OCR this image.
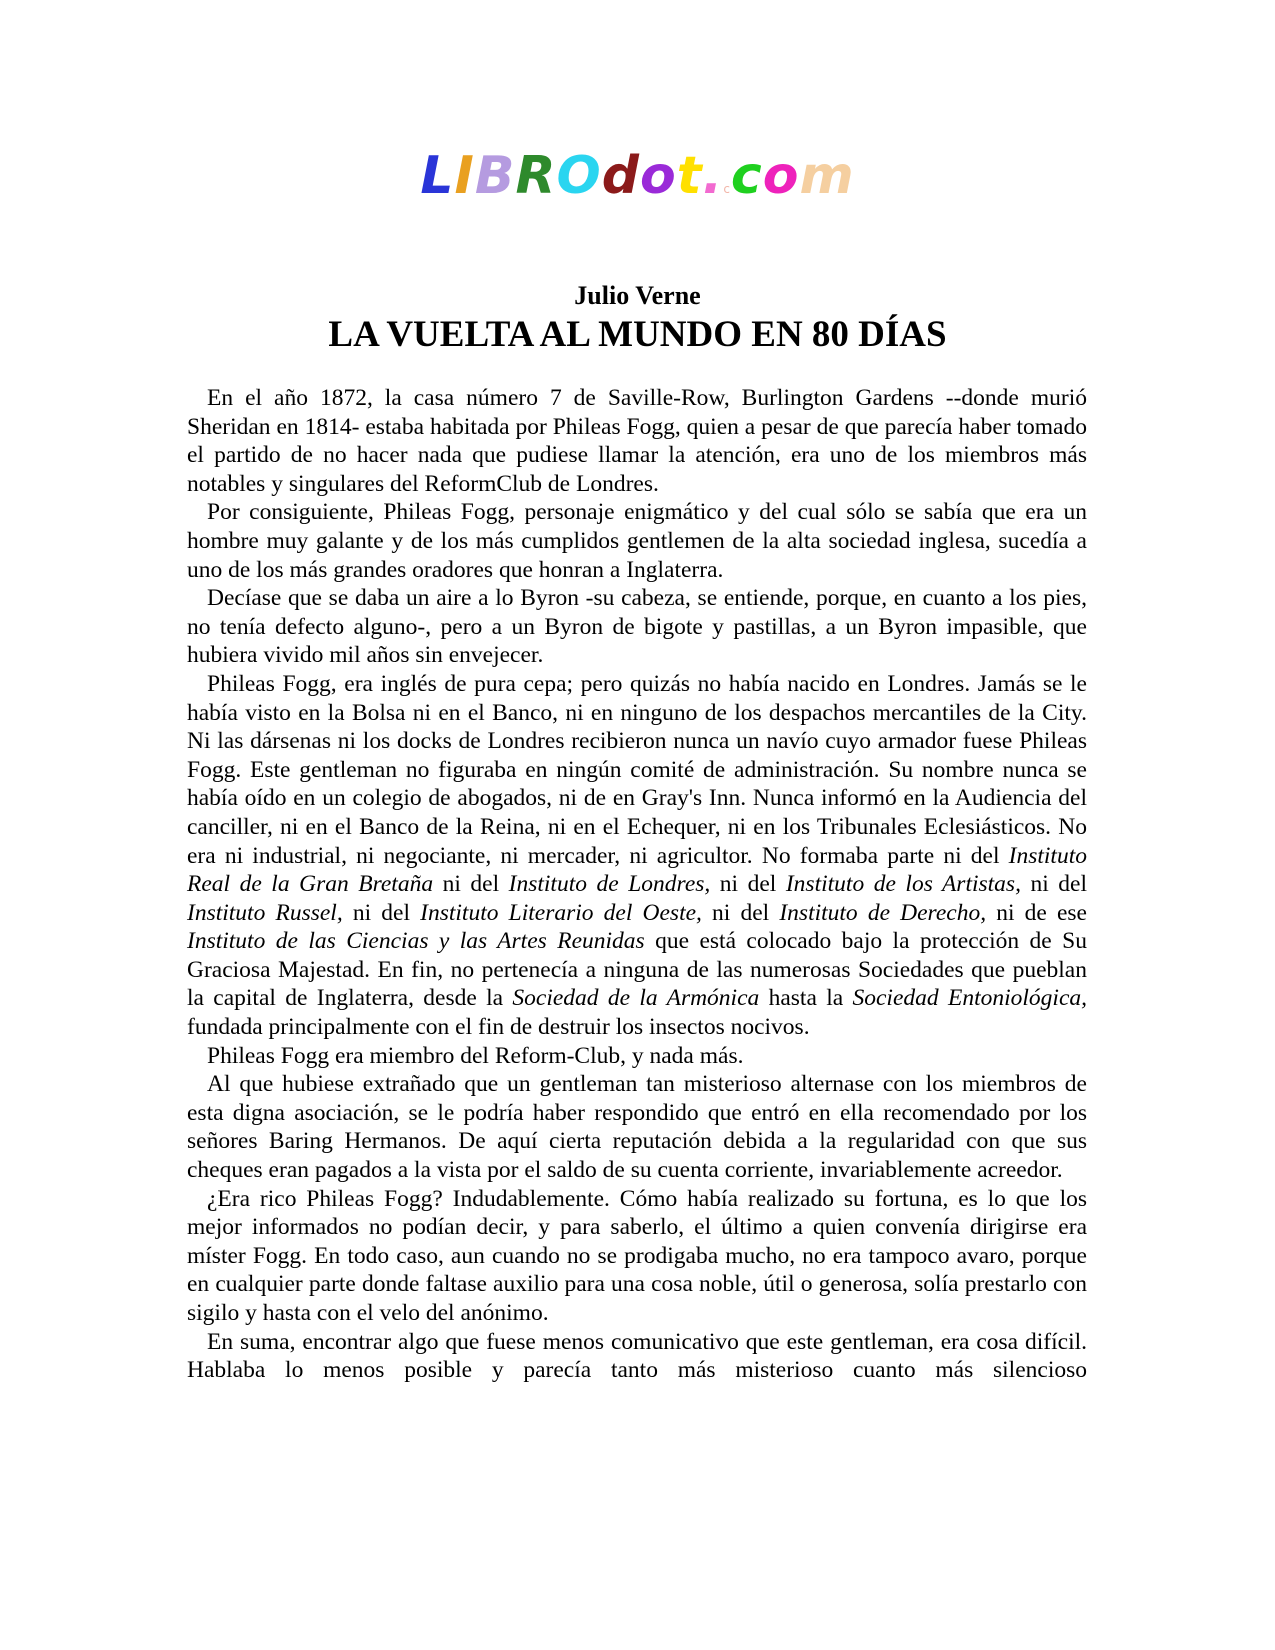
LIBROdot.ccom
Julio Verne
LA VUELTA AL MUNDO EN 80 DÍAS

En el año 1872, la casa número 7 de Saville-Row, Burlington Gardens --donde murió Sheridan en 1814- estaba habitada por Phileas Fogg, quien a pesar de que parecía haber tomado el partido de no hacer nada que pudiese llamar la atención, era uno de los miembros más notables y singulares del ReformClub de Londres.

Por consiguiente, Phileas Fogg, personaje enigmático y del cual sólo se sabía que era un hombre muy galante y de los más cumplidos gentlemen de la alta sociedad inglesa, sucedía a uno de los más grandes oradores que honran a Inglaterra.

Decíase que se daba un aire a lo Byron -su cabeza, se entiende, porque, en cuanto a los pies, no tenía defecto alguno-, pero a un Byron de bigote y pastillas, a un Byron impasible, que hubiera vivido mil años sin envejecer.

Phileas Fogg, era inglés de pura cepa; pero quizás no había nacido en Londres. Jamás se le había visto en la Bolsa ni en el Banco, ni en ninguno de los despachos mercantiles de la City. Ni las dársenas ni los docks de Londres recibieron nunca un navío cuyo armador fuese Phileas Fogg. Este gentleman no figuraba en ningún comité de administración. Su nombre nunca se había oído en un colegio de abogados, ni de en Gray's Inn. Nunca informó en la Audiencia del canciller, ni en el Banco de la Reina, ni en el Echequer, ni en los Tribunales Eclesiásticos. No era ni industrial, ni negociante, ni mercader, ni agricultor. No formaba parte ni del Instituto Real de la Gran Bretaña ni del Instituto de Londres, ni del Instituto de los Artistas, ni del Instituto Russel, ni del Instituto Literario del Oeste, ni del Instituto de Derecho, ni de ese Instituto de las Ciencias y las Artes Reunidas que está colocado bajo la protección de Su Graciosa Majestad. En fin, no pertenecía a ninguna de las numerosas Sociedades que pueblan la capital de Inglaterra, desde la Sociedad de la Armónica hasta la Sociedad Entoniológica, fundada principalmente con el fin de destruir los insectos nocivos.

Phileas Fogg era miembro del Reform-Club, y nada más.

Al que hubiese extrañado que un gentleman tan misterioso alternase con los miembros de esta digna asociación, se le podría haber respondido que entró en ella recomendado por los señores Baring Hermanos. De aquí cierta reputación debida a la regularidad con que sus cheques eran pagados a la vista por el saldo de su cuenta corriente, invariablemente acreedor.

¿Era rico Phileas Fogg? Indudablemente. Cómo había realizado su fortuna, es lo que los mejor informados no podían decir, y para saberlo, el último a quien convenía dirigirse era míster Fogg. En todo caso, aun cuando no se prodigaba mucho, no era tampoco avaro, porque en cualquier parte donde faltase auxilio para una cosa noble, útil o generosa, solía prestarlo con sigilo y hasta con el velo del anónimo.

En suma, encontrar algo que fuese menos comunicativo que este gentleman, era cosa difícil. Hablaba lo menos posible y parecía tanto más misterioso cuanto más silencioso
